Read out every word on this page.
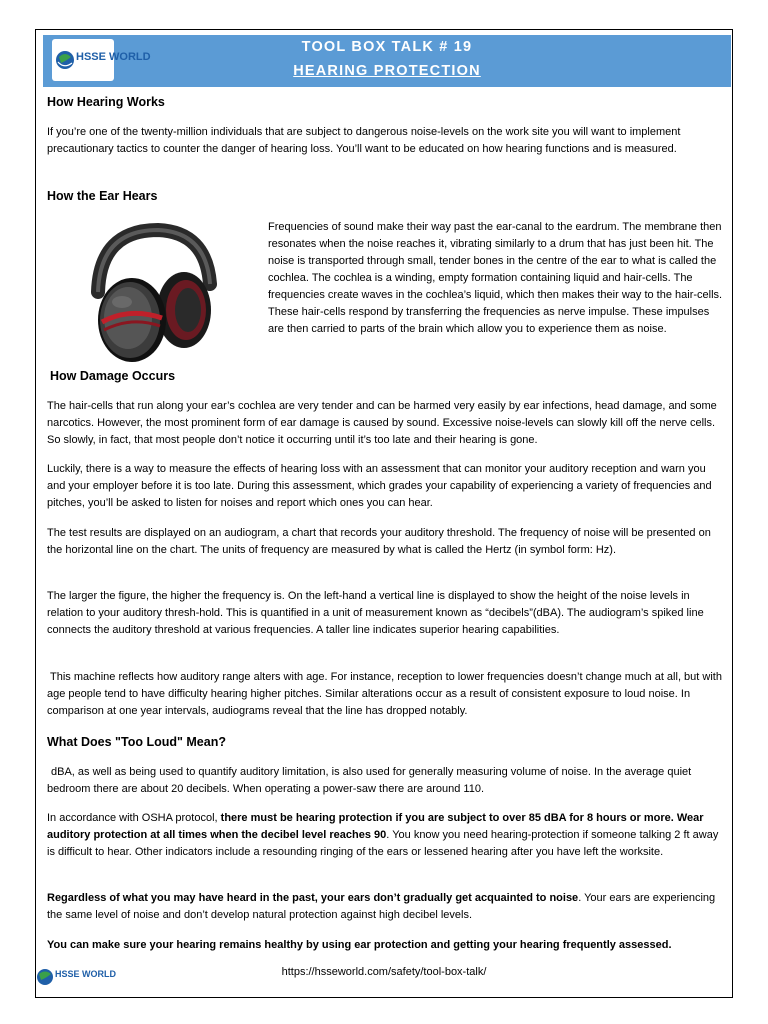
HSSE WORLD
TOOL BOX TALK # 19
HEARING PROTECTION
How Hearing Works

If you’re one of the twenty-million individuals that are subject to dangerous noise-levels on the work site you will want to implement precautionary tactics to counter the danger of hearing loss. You’ll want to be educated on how hearing functions and is measured.

How the Ear Hears

Frequencies of sound make their way past the ear-canal to the eardrum. The membrane then resonates when the noise reaches it, vibrating similarly to a drum that has just been hit. The noise is transported through small, tender bones in the centre of the ear to what is called the cochlea. The cochlea is a winding, empty formation containing liquid and hair-cells. The frequencies create waves in the cochlea’s liquid, which then makes their way to the hair-cells. These hair-cells respond by transferring the frequencies as nerve impulse. These impulses are then carried to parts of the brain which allow you to experience them as noise.

How Damage Occurs

The hair-cells that run along your ear’s cochlea are very tender and can be harmed very easily by ear infections, head damage, and some narcotics. However, the most prominent form of ear damage is caused by sound. Excessive noise-levels can slowly kill off the nerve cells. So slowly, in fact, that most people don’t notice it occurring until it’s too late and their hearing is gone.

Luckily, there is a way to measure the effects of hearing loss with an assessment that can monitor your auditory reception and warn you and your employer before it is too late. During this assessment, which grades your capability of experiencing a variety of frequencies and pitches, you’ll be asked to listen for noises and report which ones you can hear.

The test results are displayed on an audiogram, a chart that records your auditory threshold. The frequency of noise will be presented on the horizontal line on the chart. The units of frequency are measured by what is called the Hertz (in symbol form: Hz).

The larger the figure, the higher the frequency is. On the left-hand a vertical line is displayed to show the height of the noise levels in relation to your auditory thresh-hold. This is quantified in a unit of measurement known as “decibels”(dBA). The audiogram’s spiked line connects the auditory threshold at various frequencies. A taller line indicates superior hearing capabilities.

This machine reflects how auditory range alters with age. For instance, reception to lower frequencies doesn’t change much at all, but with age people tend to have difficulty hearing higher pitches. Similar alterations occur as a result of consistent exposure to loud noise. In comparison at one year intervals, audiograms reveal that the line has dropped notably.

What Does "Too Loud" Mean?

dBA, as well as being used to quantify auditory limitation, is also used for generally measuring volume of noise. In the average quiet bedroom there are about 20 decibels. When operating a power-saw there are around 110.

In accordance with OSHA protocol, there must be hearing protection if you are subject to over 85 dBA for 8 hours or more. Wear auditory protection at all times when the decibel level reaches 90. You know you need hearing-protection if someone talking 2 ft away is difficult to hear. Other indicators include a resounding ringing of the ears or lessened hearing after you have left the worksite.

Regardless of what you may have heard in the past, your ears don’t gradually get acquainted to noise. Your ears are experiencing the same level of noise and don’t develop natural protection against high decibel levels.

You can make sure your hearing remains healthy by using ear protection and getting your hearing frequently assessed.

HSSE WORLD	https://hsseworld.com/safety/tool-box-talk/
